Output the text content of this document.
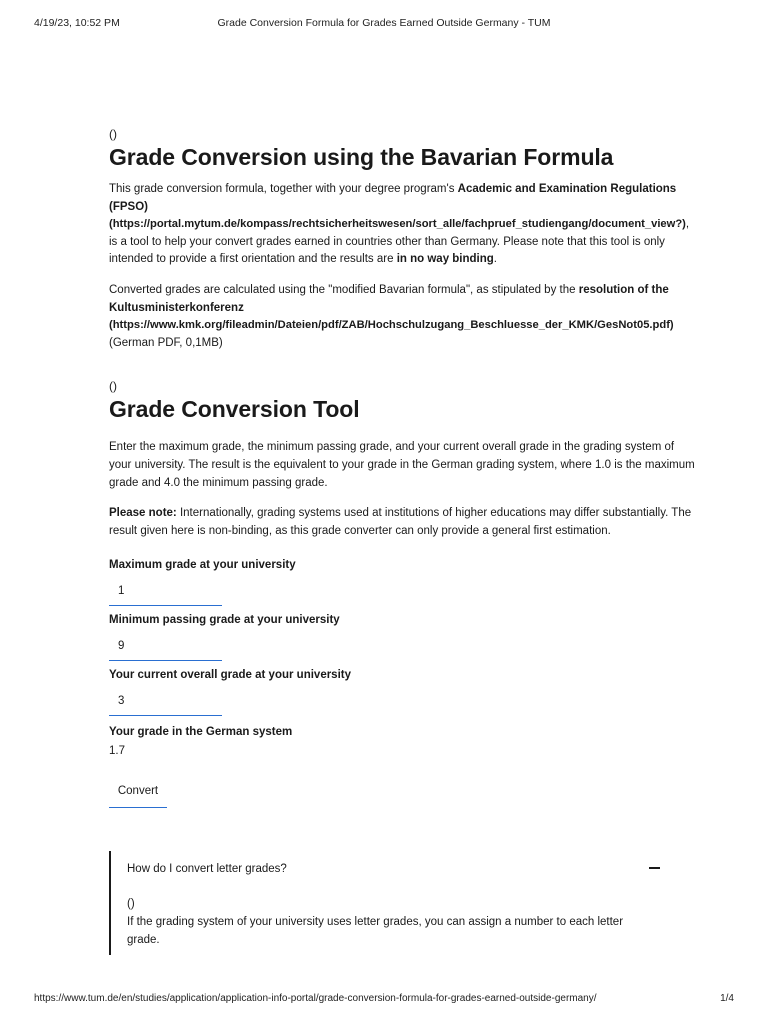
4/19/23, 10:52 PM	Grade Conversion Formula for Grades Earned Outside Germany - TUM
()
Grade Conversion using the Bavarian Formula

This grade conversion formula, together with your degree program's Academic and Examination Regulations (FPSO)
(https://portal.mytum.de/kompass/rechtsicherheitswesen/sort_alle/fachpruef_studiengang/document_view?), is a tool to help your convert grades earned in countries other than Germany. Please note that this tool is only intended to provide a first orientation and the results are in no way binding.

Converted grades are calculated using the "modified Bavarian formula", as stipulated by the resolution of the Kultusministerkonferenz
(https://www.kmk.org/fileadmin/Dateien/pdf/ZAB/Hochschulzugang_Beschluesse_der_KMK/GesNot05.pdf)
(German PDF, 0,1MB)

()
Grade Conversion Tool

Enter the maximum grade, the minimum passing grade, and your current overall grade in the grading system of your university. The result is the equivalent to your grade in the German grading system, where 1.0 is the maximum grade and 4.0 the minimum passing grade.

Please note: Internationally, grading systems used at institutions of higher educations may differ substantially. The result given here is non-binding, as this grade converter can only provide a general first estimation.

Maximum grade at your university
1
Minimum passing grade at your university
9
Your current overall grade at your university
3
Your grade in the German system
1.7
Convert
How do I convert letter grades?
()

If the grading system of your university uses letter grades, you can assign a number to each letter grade.

https://www.tum.de/en/studies/application/application-info-portal/grade-conversion-formula-for-grades-earned-outside-germany/	1/4
